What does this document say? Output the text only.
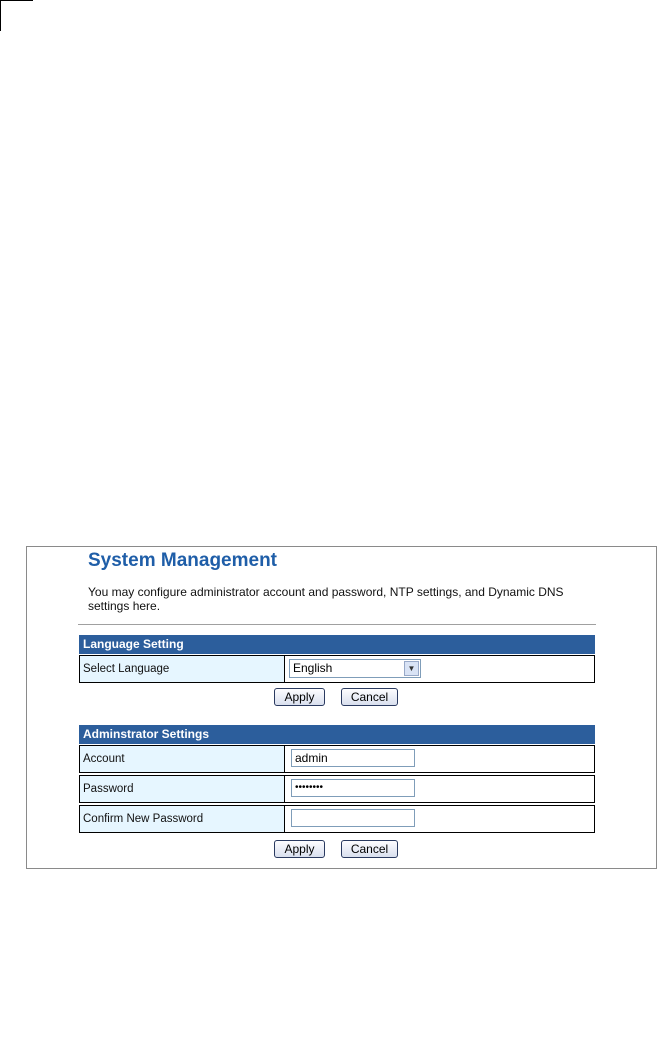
System Management
You may configure administrator account and password, NTP settings, and Dynamic DNS settings here.
Language Setting
Select Language	English	▼
Apply	Cancel
Adminstrator Settings
Account	admin
Password	••••••••
Confirm New Password
Apply	Cancel
